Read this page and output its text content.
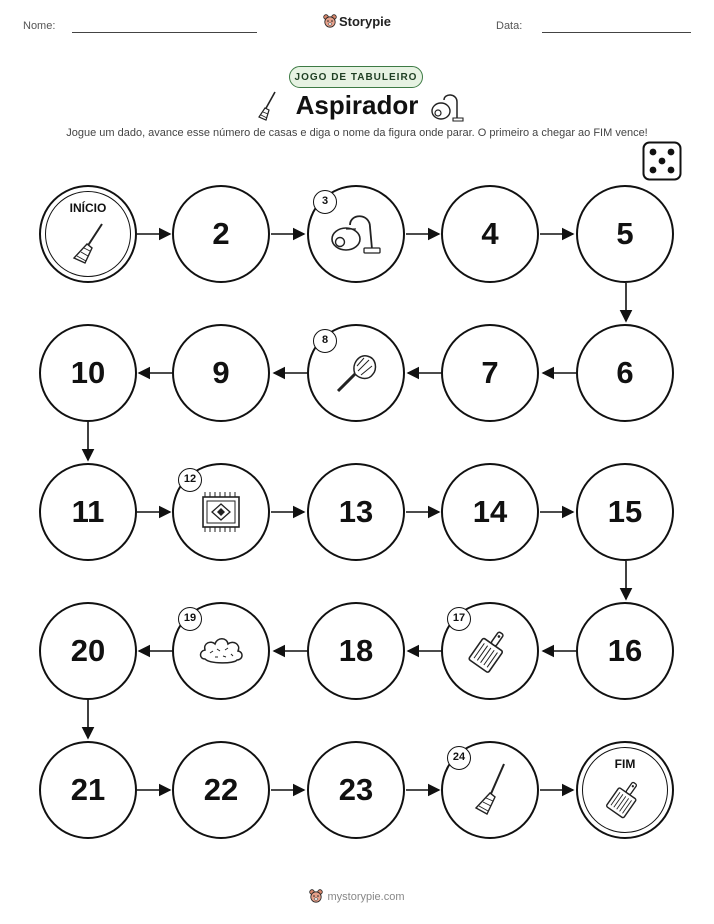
Nome:	Storypie	Data:
JOGO DE TABULEIRO
Aspirador
Jogue um dado, avance esse número de casas e diga o nome da figura onde parar. O primeiro a chegar ao FIM vence!
INÍCIO
2
3
4	5
10	9
8
7	6
11
12
13	14	15
20
19
18
17
16
21	22	23
24	FIM
mystorypie.com
